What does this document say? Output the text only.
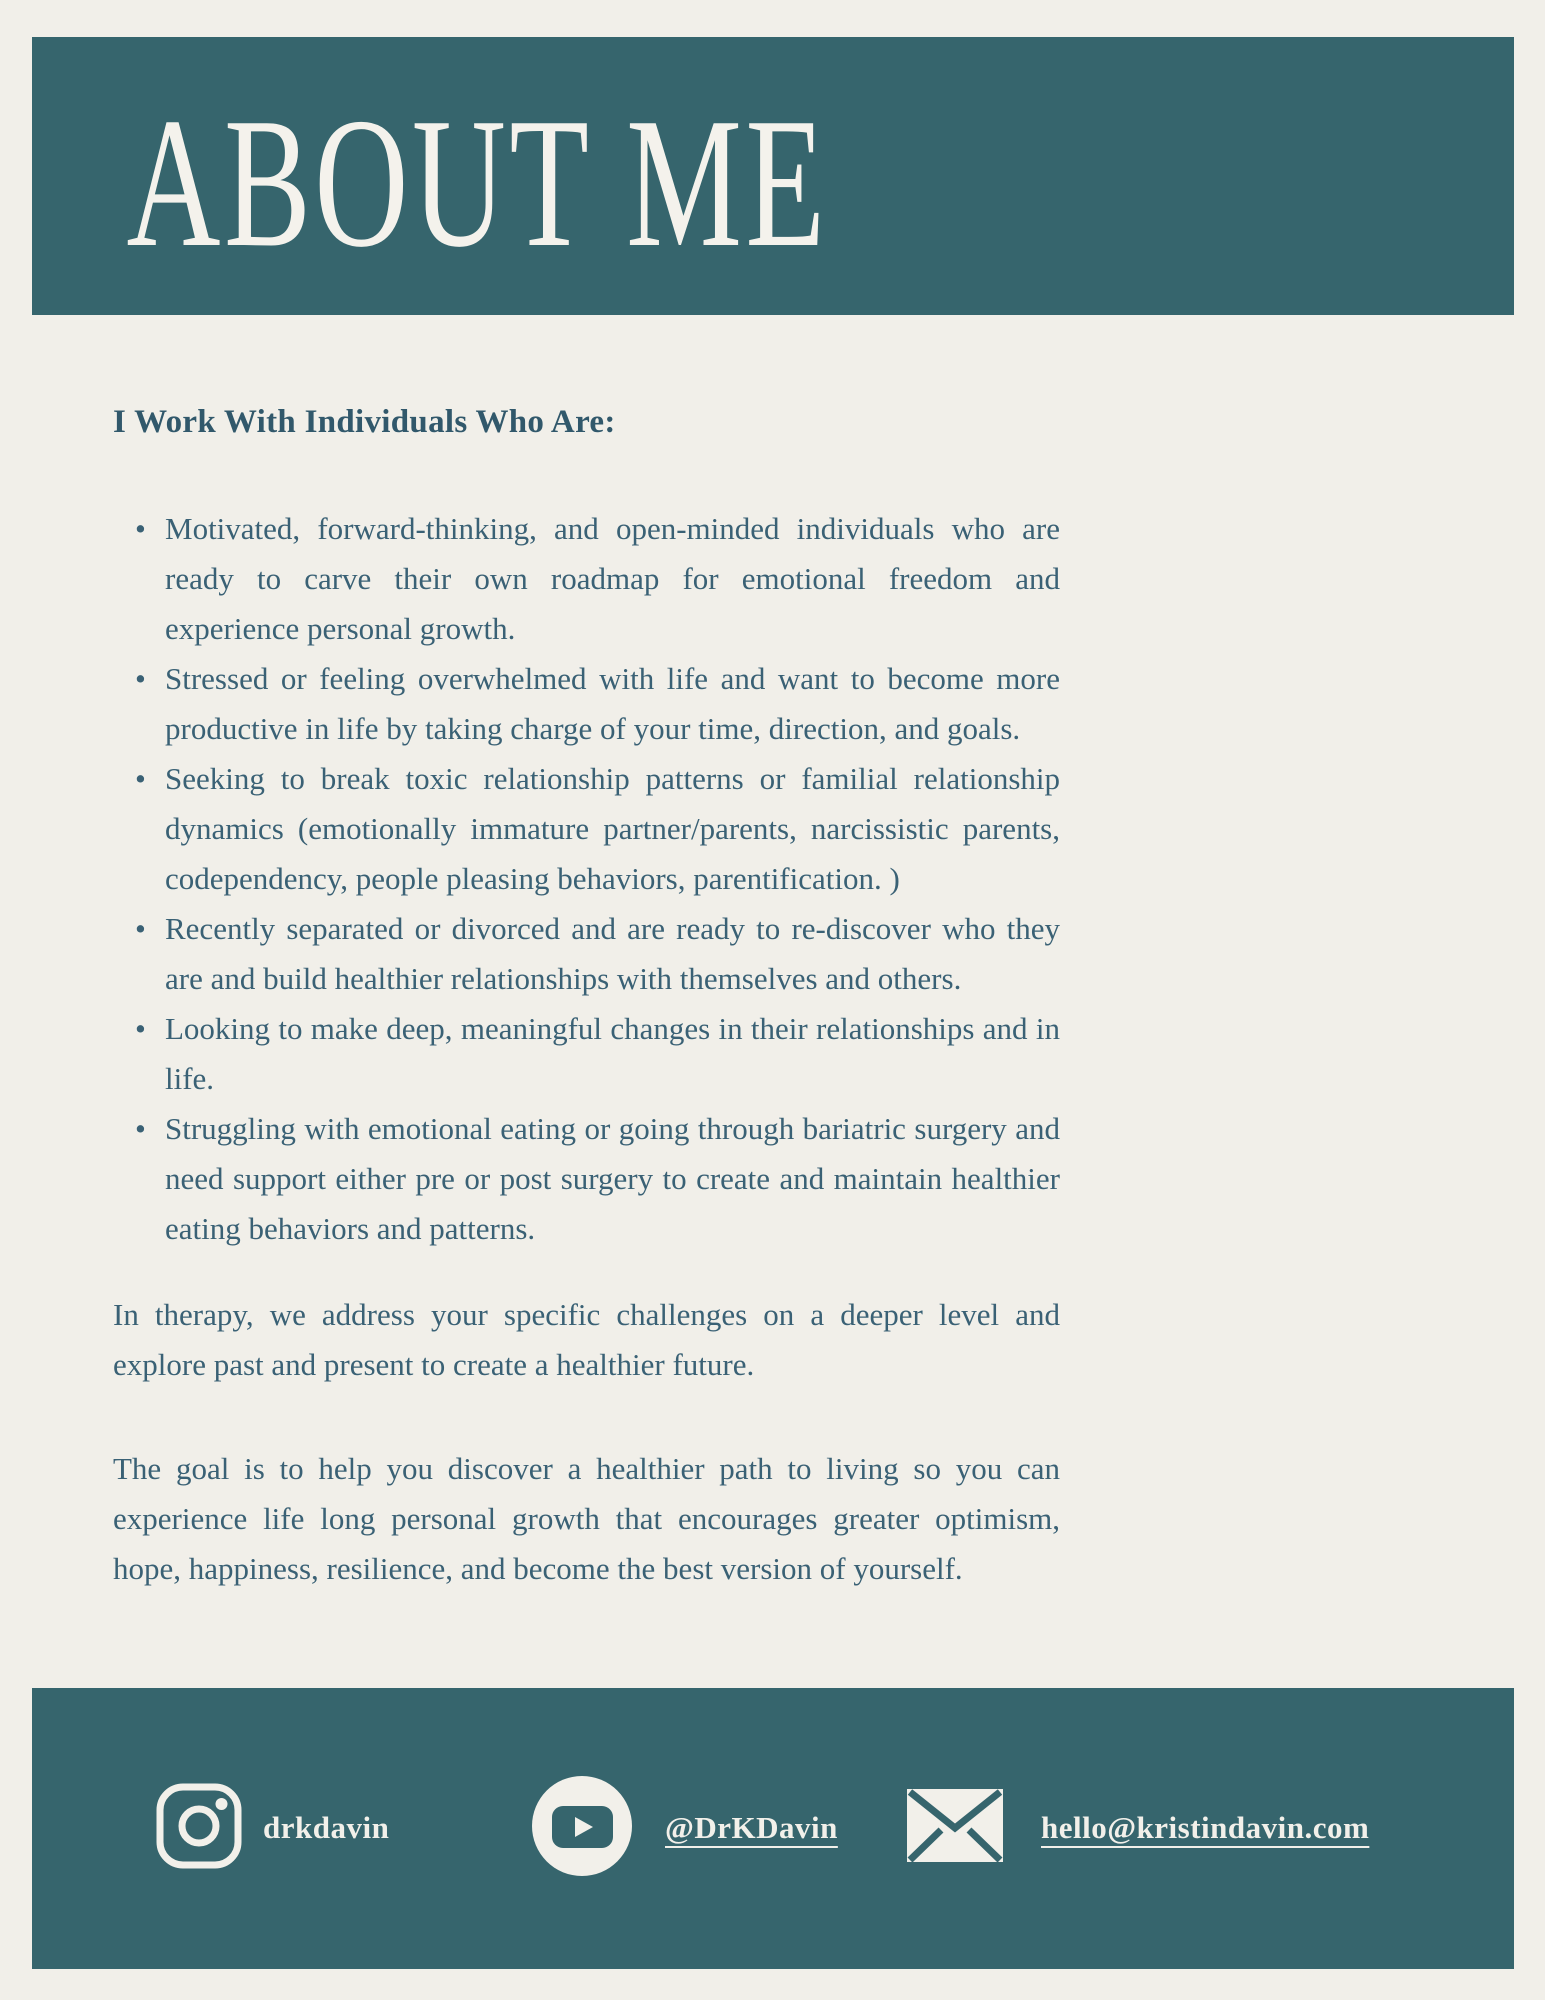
ABOUT ME
I Work With Individuals Who Are:
• Motivated, forward-thinking, and open-minded individuals who are ready to carve their own roadmap for emotional freedom and experience personal growth.
• Stressed or feeling overwhelmed with life and want to become more productive in life by taking charge of your time, direction, and goals.
• Seeking to break toxic relationship patterns or familial relationship dynamics (emotionally immature partner/parents, narcissistic parents, codependency, people pleasing behaviors, parentification. )
• Recently separated or divorced and are ready to re-discover who they are and build healthier relationships with themselves and others.
• Looking to make deep, meaningful changes in their relationships and in life.
• Struggling with emotional eating or going through bariatric surgery and need support either pre or post surgery to create and maintain healthier eating behaviors and patterns.

In therapy, we address your specific challenges on a deeper level and explore past and present to create a healthier future.

The goal is to help you discover a healthier path to living so you can experience life long personal growth that encourages greater optimism, hope, happiness, resilience, and become the best version of yourself.

drkdavin	@DrKDavin	hello@kristindavin.com
